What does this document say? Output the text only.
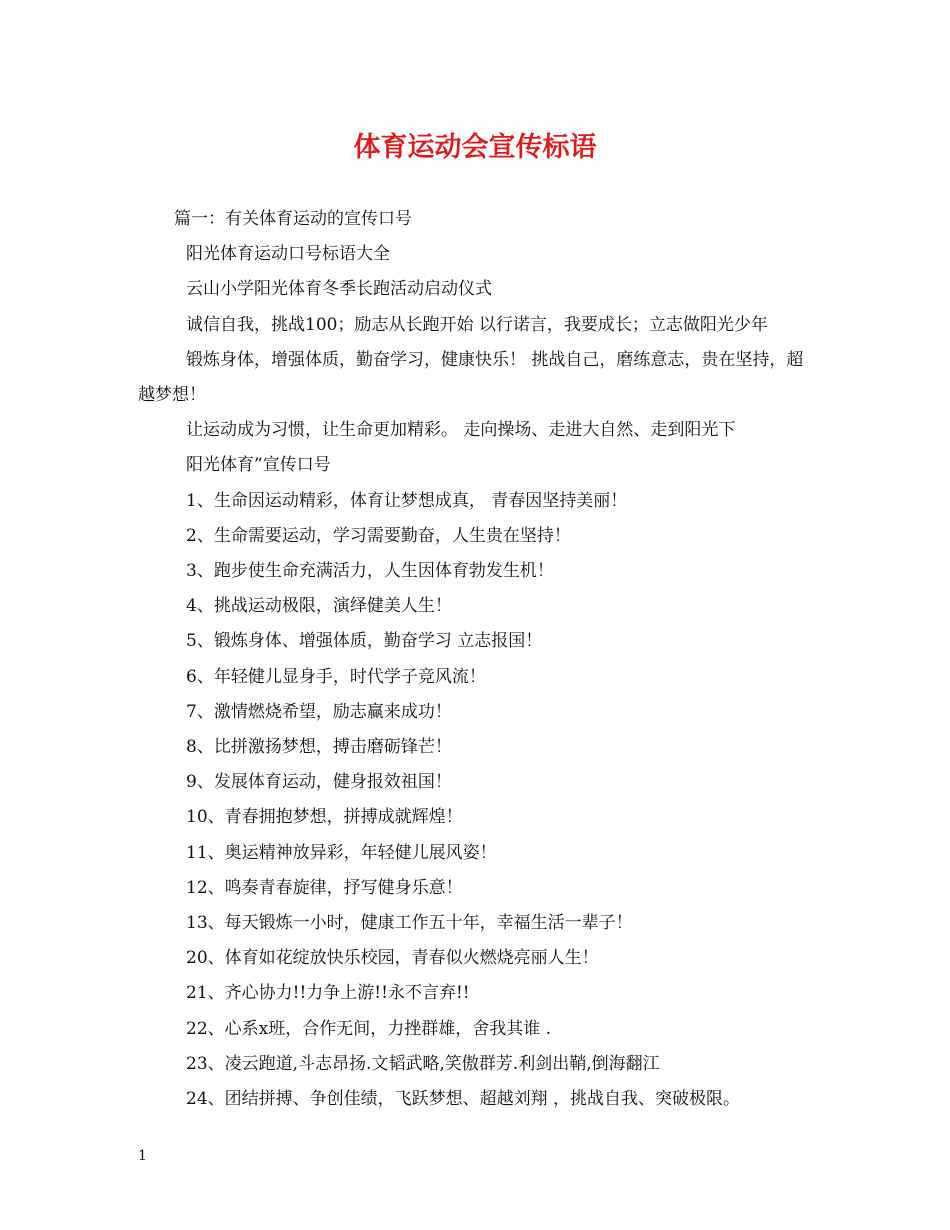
体育运动会宣传标语

篇一：有关体育运动的宣传口号

阳光体育运动口号标语大全

云山小学阳光体育冬季长跑活动启动仪式

诚信自我，挑战100；励志从长跑开始 以行诺言，我要成长；立志做阳光少年

锻炼身体，增强体质，勤奋学习，健康快乐！ 挑战自己，磨练意志，贵在坚持，超越梦想！

让运动成为习惯，让生命更加精彩。 走向操场、走进大自然、走到阳光下

阳光体育”宣传口号

1、生命因运动精彩，体育让梦想成真， 青春因坚持美丽！

2、生命需要运动，学习需要勤奋，人生贵在坚持！

3、跑步使生命充满活力，人生因体育勃发生机！

4、挑战运动极限，演绎健美人生！

5、锻炼身体、增强体质，勤奋学习 立志报国！

6、年轻健儿显身手，时代学子竞风流！

7、激情燃烧希望，励志赢来成功！

8、比拼激扬梦想，搏击磨砺锋芒！

9、发展体育运动，健身报效祖国！

10、青春拥抱梦想，拼搏成就辉煌！

11、奥运精神放异彩，年轻健儿展风姿！

12、鸣奏青春旋律，抒写健身乐意！

13、每天锻炼一小时，健康工作五十年，幸福生活一辈子！

20、体育如花绽放快乐校园，青春似火燃烧亮丽人生！

21、齐心协力!!力争上游!!永不言弃!!

22、心系x班，合作无间，力挫群雄，舍我其谁 .

23、凌云跑道,斗志昂扬.文韬武略,笑傲群芳.利剑出鞘,倒海翻江

24、团结拼搏、争创佳绩，飞跃梦想、超越刘翔 ，挑战自我、突破极限。

1
